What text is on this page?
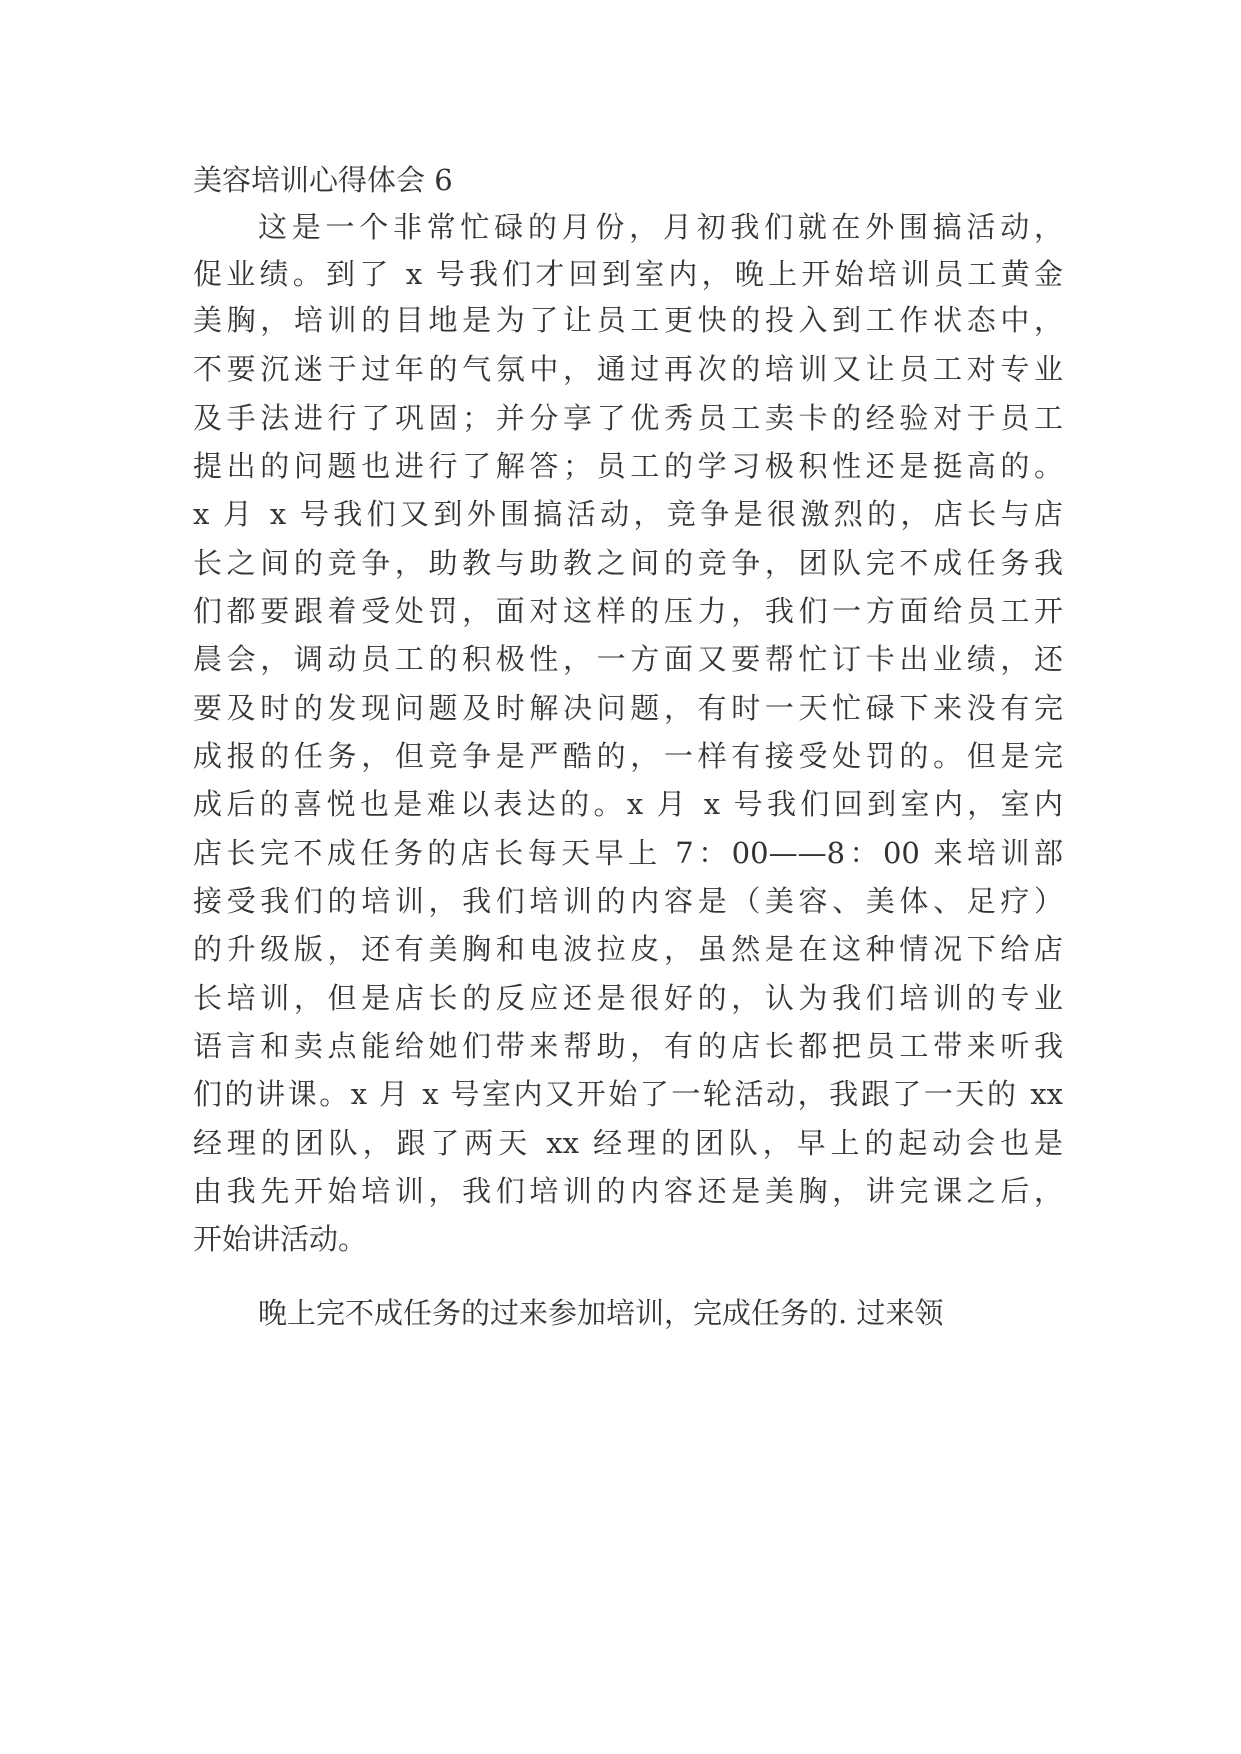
美容培训心得体会 6
这是一个非常忙碌的月份，月初我们就在外围搞活动，
促业绩。到了 x 号我们才回到室内，晚上开始培训员工黄金
美胸，培训的目地是为了让员工更快的投入到工作状态中，
不要沉迷于过年的气氛中，通过再次的培训又让员工对专业
及手法进行了巩固；并分享了优秀员工卖卡的经验对于员工
提出的问题也进行了解答；员工的学习极积性还是挺高的。
x 月 x 号我们又到外围搞活动，竞争是很激烈的，店长与店
长之间的竞争，助教与助教之间的竞争，团队完不成任务我
们都要跟着受处罚，面对这样的压力，我们一方面给员工开
晨会，调动员工的积极性，一方面又要帮忙订卡出业绩，还
要及时的发现问题及时解决问题，有时一天忙碌下来没有完
成报的任务，但竞争是严酷的，一样有接受处罚的。但是完
成后的喜悦也是难以表达的。x 月 x 号我们回到室内，室内
店长完不成任务的店长每天早上 7：00——8：00 来培训部
接受我们的培训，我们培训的内容是（美容、美体、足疗）
的升级版，还有美胸和电波拉皮，虽然是在这种情况下给店
长培训，但是店长的反应还是很好的，认为我们培训的专业
语言和卖点能给她们带来帮助，有的店长都把员工带来听我
们的讲课。x 月 x 号室内又开始了一轮活动，我跟了一天的 xx
经理的团队，跟了两天 xx 经理的团队，早上的起动会也是
由我先开始培训，我们培训的内容还是美胸，讲完课之后，
开始讲活动。
晚上完不成任务的过来参加培训，完成任务的. 过来领
